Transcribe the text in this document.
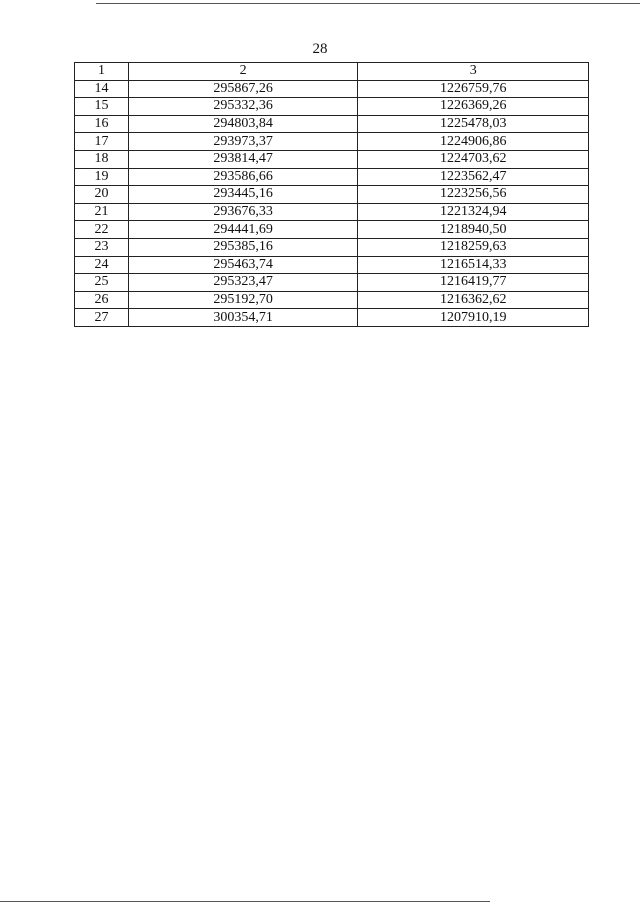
28
1	2	3
14	295867,26	1226759,76
15	295332,36	1226369,26
16	294803,84	1225478,03
17	293973,37	1224906,86
18	293814,47	1224703,62
19	293586,66	1223562,47
20	293445,16	1223256,56
21	293676,33	1221324,94
22	294441,69	1218940,50
23	295385,16	1218259,63
24	295463,74	1216514,33
25	295323,47	1216419,77
26	295192,70	1216362,62
27	300354,71	1207910,19
